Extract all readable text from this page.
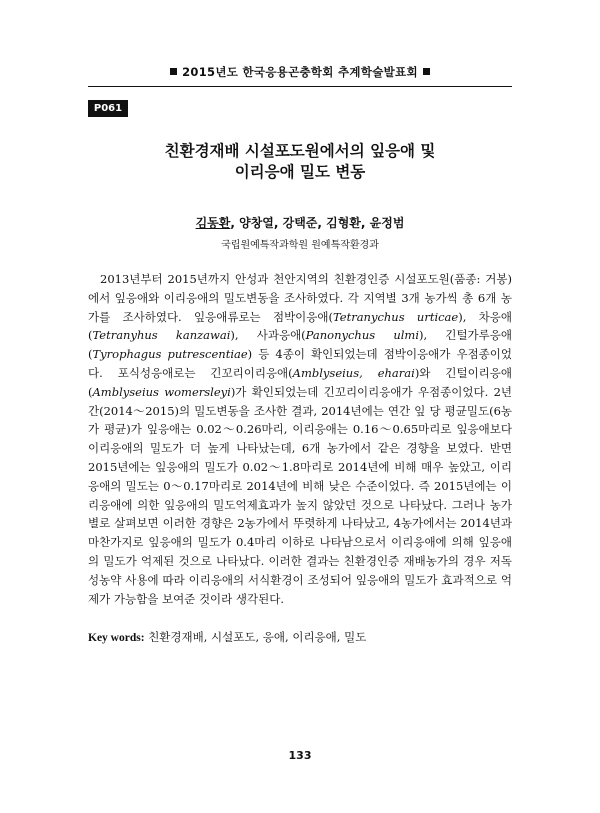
2015년도 한국응용곤충학회 추계학술발표회
P061
친환경재배 시설포도원에서의 잎응애 및
이리응애 밀도 변동
김동환, 양창열, 강택준, 김형환, 윤정범
국립원예특작과학원 원예특작환경과

2013년부터 2015년까지 안성과 천안지역의 친환경인증 시설포도원(품종: 거봉)에서 잎응애와 이리응애의 밀도변동을 조사하였다. 각 지역별 3개 농가씩 총 6개 농가를 조사하였다. 잎응애류로는 점박이응애(Tetranychus urticae), 차응애(Tetranyhus kanzawai), 사과응애(Panonychus ulmi), 긴털가루응애(Tyrophagus putrescentiae) 등 4종이 확인되었는데 점박이응애가 우점종이었다. 포식성응애로는 긴꼬리이리응애(Amblyseius, eharai)와 긴털이리응애(Amblyseius womersleyi)가 확인되었는데 긴꼬리이리응애가 우점종이었다. 2년간(2014～2015)의 밀도변동을 조사한 결과, 2014년에는 연간 잎 당 평균밀도(6농가 평균)가 잎응애는 0.02～0.26마리, 이리응애는 0.16～0.65마리로 잎응애보다 이리응애의 밀도가 더 높게 나타났는데, 6개 농가에서 같은 경향을 보였다. 반면 2015년에는 잎응애의 밀도가 0.02～1.8마리로 2014년에 비해 매우 높았고, 이리응애의 밀도는 0～0.17마리로 2014년에 비해 낮은 수준이었다. 즉 2015년에는 이리응애에 의한 잎응애의 밀도억제효과가 높지 않았던 것으로 나타났다. 그러나 농가별로 살펴보면 이러한 경향은 2농가에서 뚜렷하게 나타났고, 4농가에서는 2014년과 마찬가지로 잎응애의 밀도가 0.4마리 이하로 나타남으로서 이리응애에 의해 잎응애의 밀도가 억제된 것으로 나타났다. 이러한 결과는 친환경인증 재배농가의 경우 저독성농약 사용에 따라 이리응애의 서식환경이 조성되어 잎응애의 밀도가 효과적으로 억제가 가능함을 보여준 것이라 생각된다.

Key words: 친환경재배, 시설포도, 응애, 이리응애, 밀도

133
